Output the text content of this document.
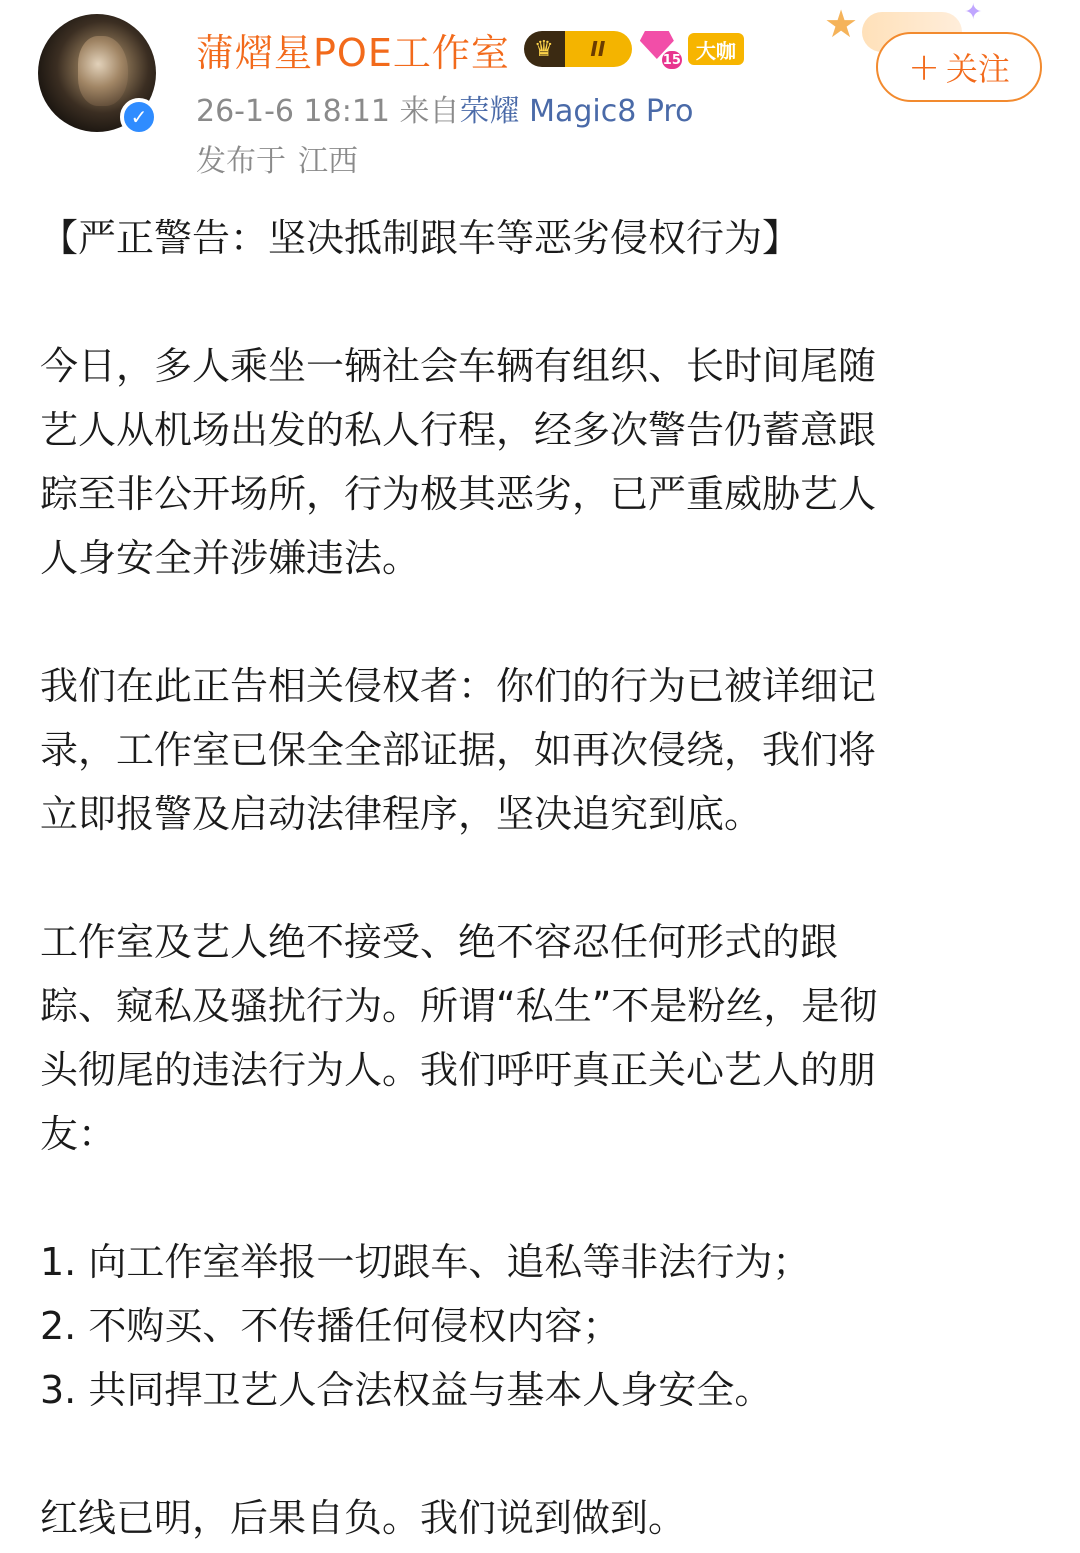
✓
蒲熠星POE工作室	♛	II	15 大咖
26-1-6 18:11 来自荣耀 Magic8 Pro
发布于 江西
★	✦
+ 关注
【严正警告：坚决抵制跟车等恶劣侵权行为】
今日，多人乘坐一辆社会车辆有组织、长时间尾随
艺人从机场出发的私人行程，经多次警告仍蓄意跟
踪至非公开场所，行为极其恶劣，已严重威胁艺人
人身安全并涉嫌违法。
我们在此正告相关侵权者：你们的行为已被详细记
录，工作室已保全全部证据，如再次侵绕，我们将
立即报警及启动法律程序，坚决追究到底。
工作室及艺人绝不接受、绝不容忍任何形式的跟
踪、窥私及骚扰行为。所谓“私生”不是粉丝，是彻
头彻尾的违法行为人。我们呼吁真正关心艺人的朋
友：
1. 向工作室举报一切跟车、追私等非法行为；
2. 不购买、不传播任何侵权内容；
3. 共同捍卫艺人合法权益与基本人身安全。
红线已明，后果自负。我们说到做到。
